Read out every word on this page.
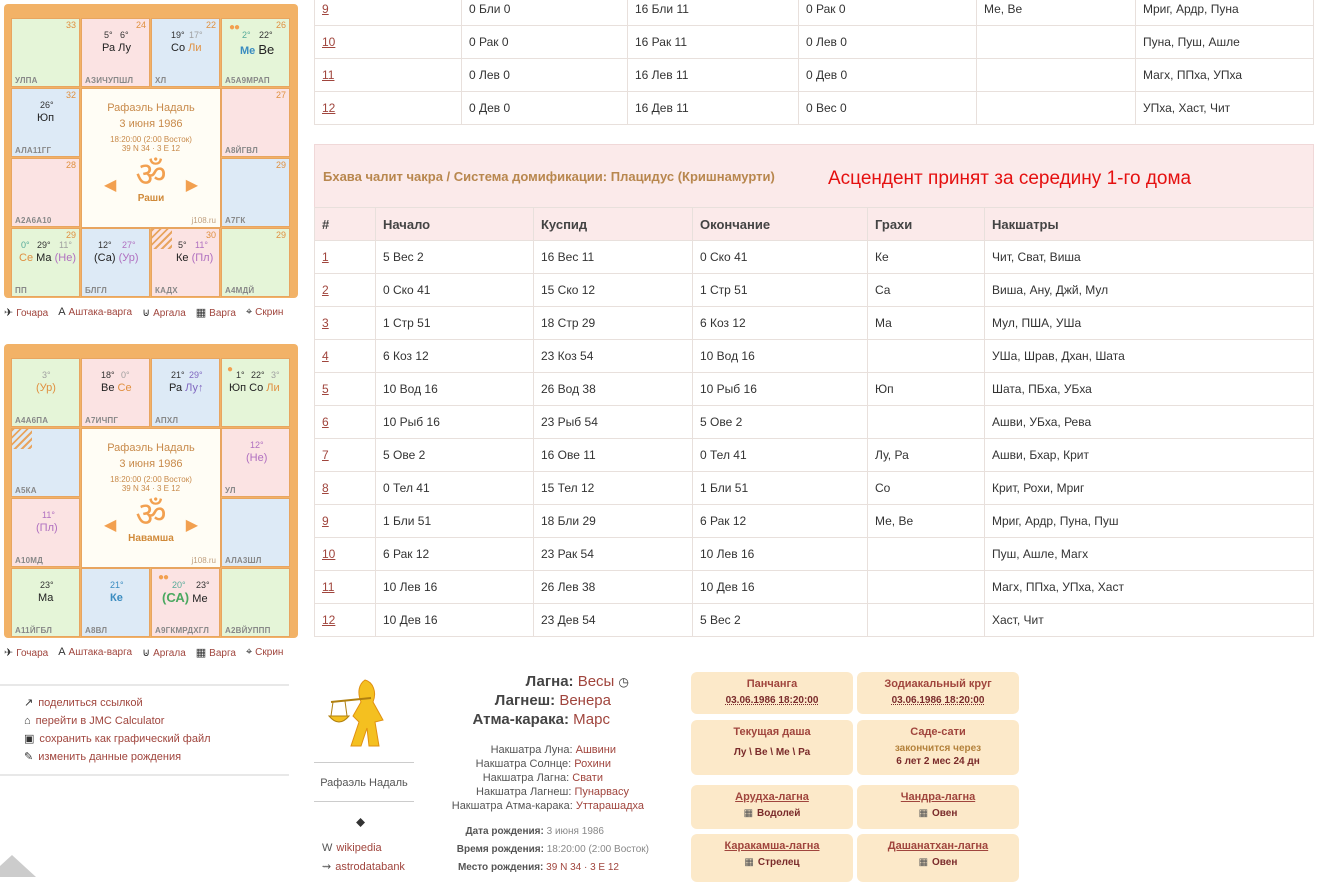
33
УЛПА
24
5° 6°
Ра Лу
АЗИЧУПШЛ
22
19° 17°
Со Ли
ХЛ
26
●●
2° 22°
Ме Ве
А5А9МРАП
32
26°
Юп
АЛА11ГГ
27
А8ЙГВЛ
28
А2А6А10
29
А7ГК
29
0° 29° 11°
Се Ма (Не)
ПП
12° 27°
(Са) (Ур)
БЛГЛ
30
5° 11°
Ке (Пл)
КАДХ
29
А4МДЙ
Рафаэль Надаль
3 июня 1986
18:20:00 (2:00 Восток)
39 N 34 · 3 E 12
ॐ
Раши
◀	▶
j108.ru
✈ Гочара A Аштака-варга ⊍ Аргала ▦ Варга ⌖ Скрин
3°
(Ур)
А4А6ПА
18° 0°
Ве Се
А7ИЧПГ
21° 29°
Ра Лу↑
АПХЛ
● 1° 22° 3°
Юп Со Ли
А5КА
12°
(Не)
УЛ
11°
(Пл)
А10МД	АЛА3ШЛ
23°
Ма
А11ЙГБЛ
21°
Ке
А8ВЛ
●●
20° 23°
(СА) Ме
А9ГКМРДХГЛ А2ВЙУППП
Рафаэль Надаль
3 июня 1986
18:20:00 (2:00 Восток)
39 N 34 · 3 E 12
ॐ
Навамша
◀	▶
j108.ru
✈ Гочара A Аштака-варга ⊍ Аргала ▦ Варга ⌖ Скрин
↗ поделиться ссылкой
⌂ перейти в JMC Calculator
▣ сохранить как графический файл
✎ изменить данные рождения
9	0 Бли 0	16 Бли 11	0 Рак 0	Ме, Ве	Мриг, Ардр, Пуна
10	0 Рак 0	16 Рак 11	0 Лев 0		Пуна, Пуш, Ашле
11	0 Лев 0	16 Лев 11	0 Дев 0		Магх, ППха, УПха
12	0 Дев 0	16 Дев 11	0 Вес 0		УПха, Хаст, Чит
Бхава чалит чакра / Система домификации: Плацидус (Кришнамурти)	Асцендент принят за середину 1-го дома
#	Начало	Куспид	Окончание	Грахи	Накшатры
1	5 Вес 2	16 Вес 11	0 Ско 41	Ке	Чит, Сват, Виша
2	0 Ско 41	15 Ско 12	1 Стр 51	Са	Виша, Ану, Джй, Мул
3	1 Стр 51	18 Стр 29	6 Коз 12	Ма	Мул, ПША, УШа
4	6 Коз 12	23 Коз 54	10 Вод 16		УШа, Шрав, Дхан, Шата
5	10 Вод 16	26 Вод 38	10 Рыб 16	Юп	Шата, ПБха, УБха
6	10 Рыб 16	23 Рыб 54	5 Ове 2		Ашви, УБха, Рева
7	5 Ове 2	16 Ове 11	0 Тел 41	Лу, Ра	Ашви, Бхар, Крит
8	0 Тел 41	15 Тел 12	1 Бли 51	Со	Крит, Рохи, Мриг
9	1 Бли 51	18 Бли 29	6 Рак 12	Ме, Ве	Мриг, Ардр, Пуна, Пуш
10	6 Рак 12	23 Рак 54	10 Лев 16		Пуш, Ашле, Магх
11	10 Лев 16	26 Лев 38	10 Дев 16		Магх, ППха, УПха, Хаст
12	10 Дев 16	23 Дев 54	5 Вес 2		Хаст, Чит
Рафаэль Надаль
⬥
W wikipedia
⇝ astrodatabank
Лагна: Весы ◷
Лагнеш: Венера
Атма-карака: Марс
Накшатра Луна: Ашвини
Накшатра Солнце: Рохини
Накшатра Лагна: Свати
Накшатра Лагнеш: Пунарвасу
Накшатра Атма-карака: Уттарашадха
Дата рождения: 3 июня 1986
Время рождения: 18:20:00 (2:00 Восток)
Место рождения: 39 N 34 · 3 E 12
Панчанга
03.06.1986 18:20:00
Зодиакальный круг
03.06.1986 18:20:00
Текущая даша
Лу \ Ве \ Ме \ Ра
Саде-сати
закончится через
6 лет 2 мес 24 дн
Арудха-лагна
▦ Водолей
Чандра-лагна
▦ Овен
Каракамша-лагна
▦ Стрелец
Дашанатхан-лагна
▦ Овен
